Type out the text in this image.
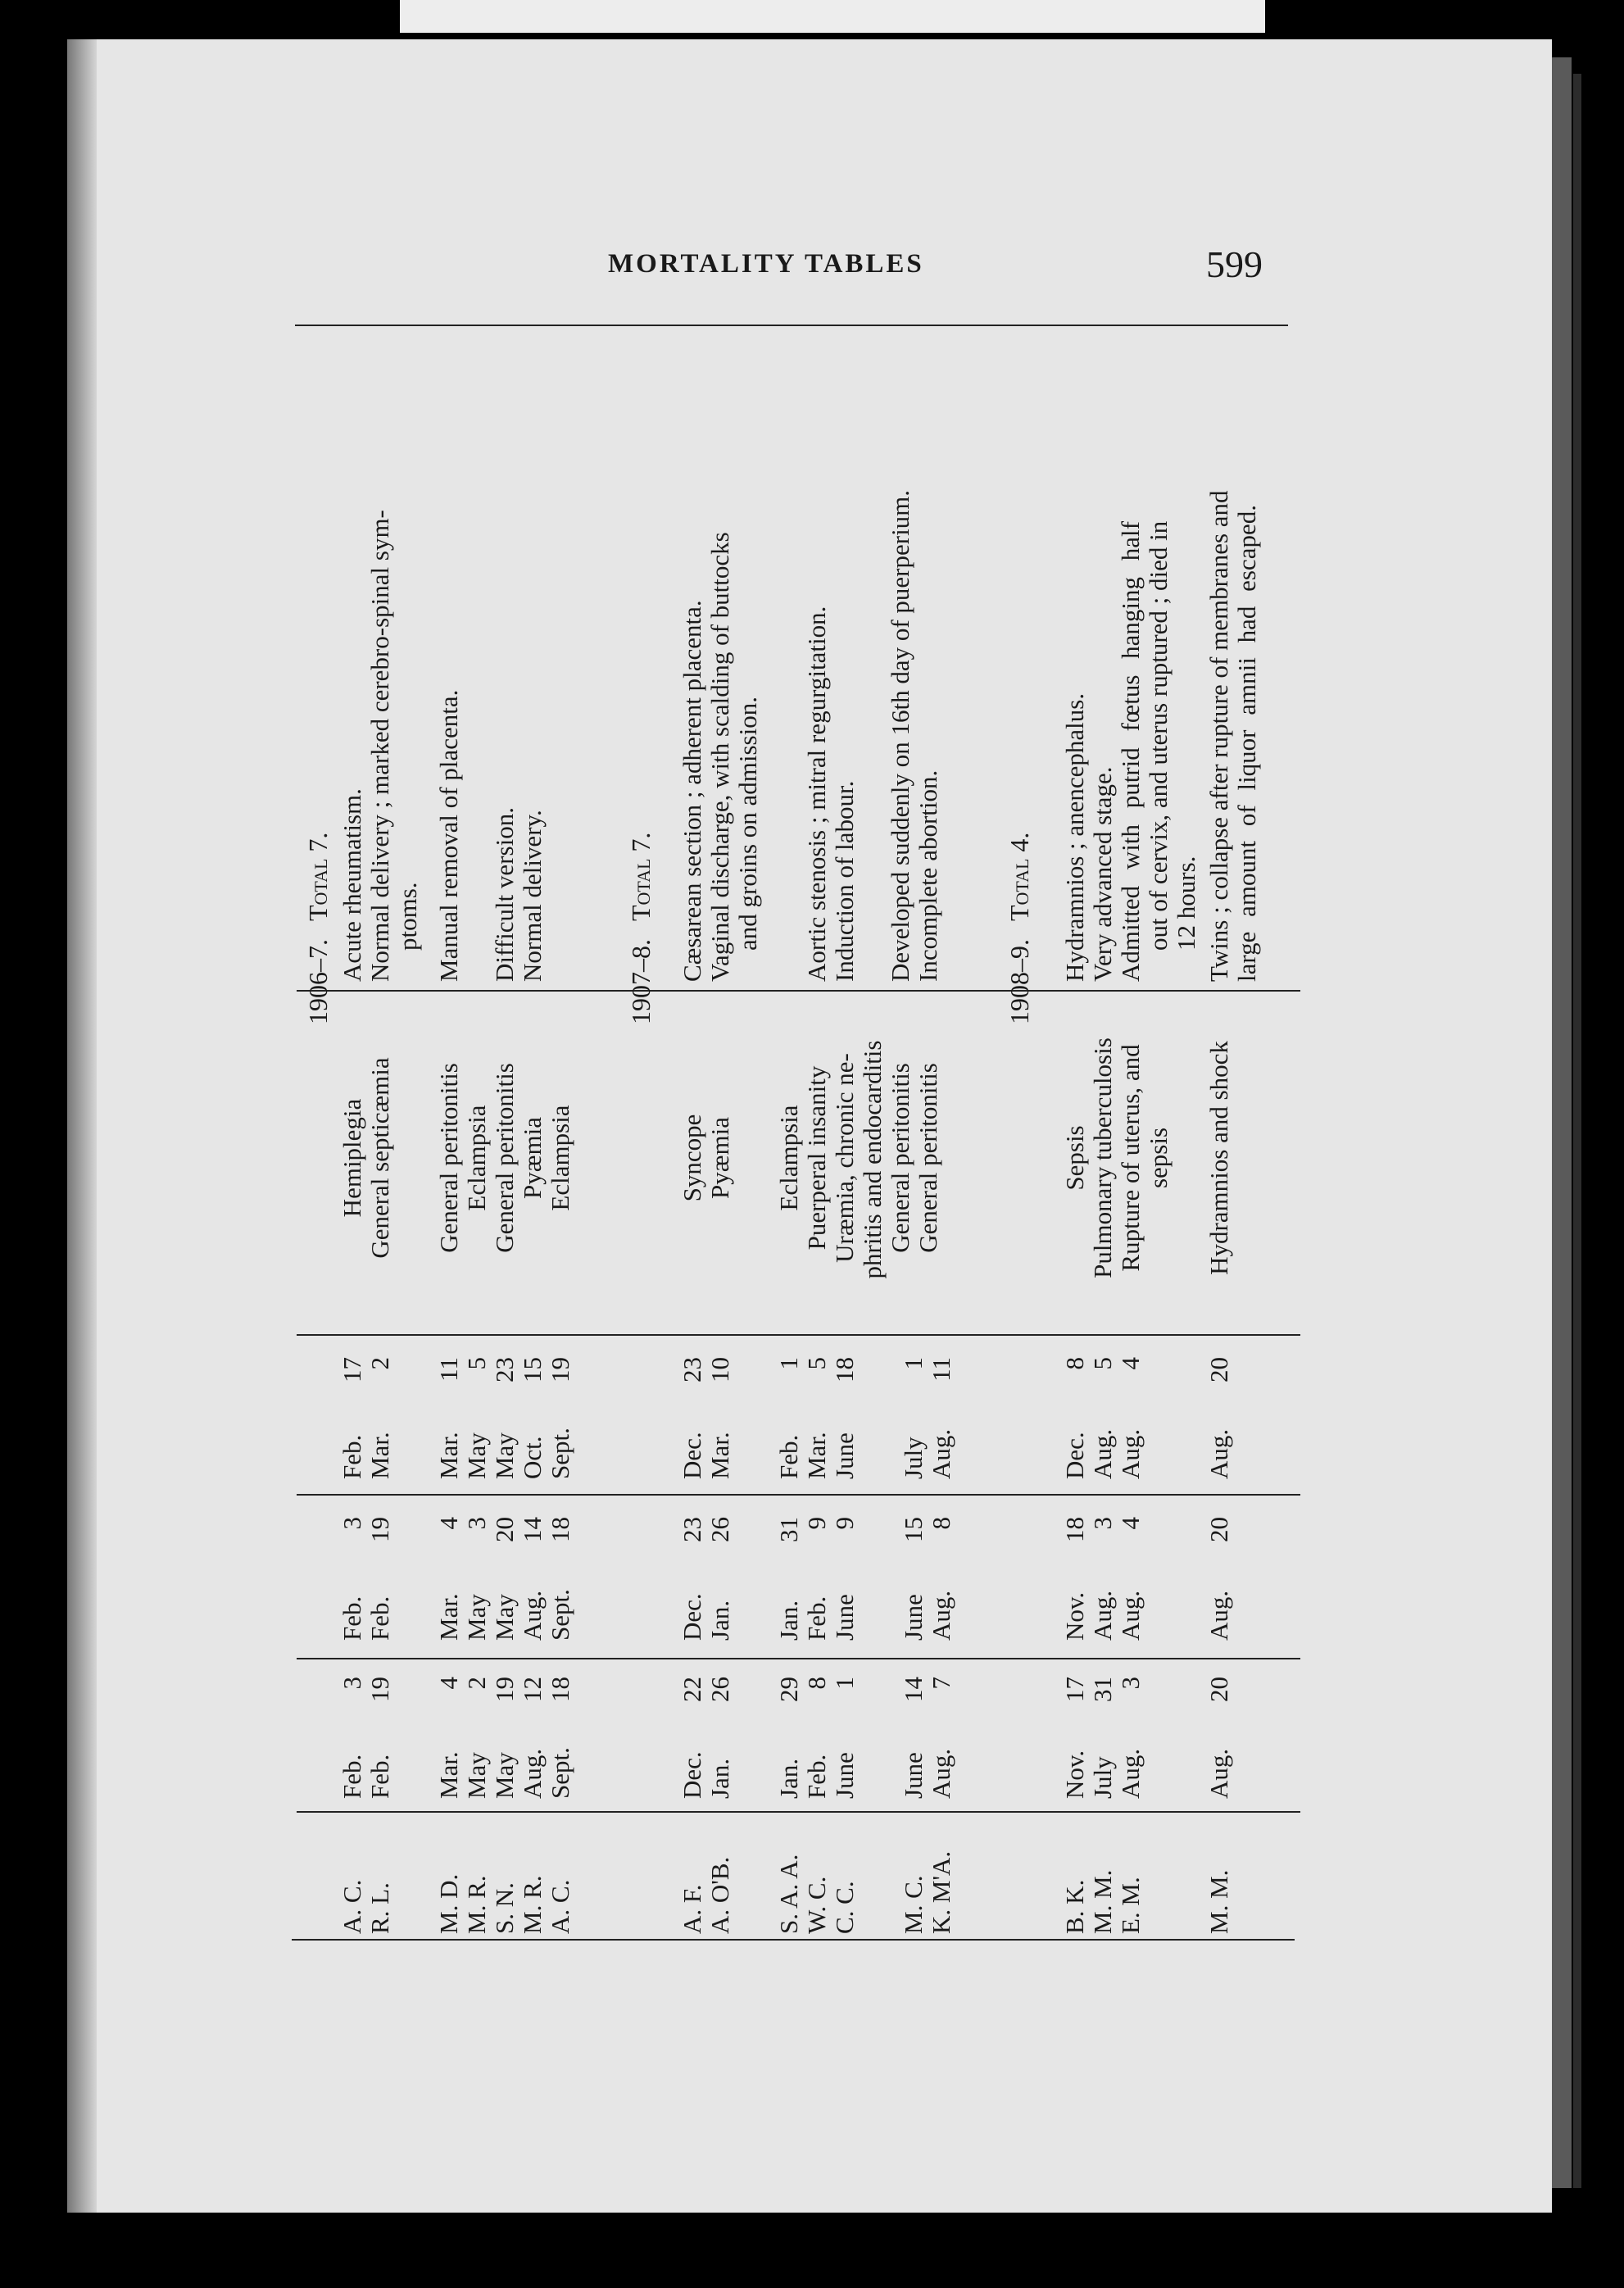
MORTALITY TABLES	599
1906–7. Total 7.
A. C.
Feb.
3
Feb.
3
Feb.
17
Hemiplegia
Acute rheumatism.
R. L.
Feb.
19
Feb.
19
Mar.
2
General septicæmia
Normal delivery ; marked cerebro-spinal sym- ptoms.
M. D.
Mar.
4
Mar.
4
Mar.
11
General peritonitis
Manual removal of placenta.
M. R.
May
2
May
3
May
5
Eclampsia
S. N.
May
19
May
20
May
23
General peritonitis
Difficult version.
M. R.
Aug.
12
Aug.
14
Oct.
15
Pyæmia
Normal delivery.
A. C.
Sept.
18
Sept.
18
Sept.
19
Eclampsia
1907–8. Total 7.
A. F.
Dec.
22
Dec.
23
Dec.
23
Syncope
Cæsarean section ; adherent placenta.
A. O'B.
Jan.
26
Jan.
26
Mar.
10
Pyæmia
Vaginal discharge, with scalding of buttocks and groins on admission.
S. A. A.
Jan.
29
Jan.
31
Feb.
1
Eclampsia
W. C.
Feb.
8
Feb.
9
Mar.
5
Puerperal insanity
Aortic stenosis ; mitral regurgitation.
C. C.
June
1
June
9
June
18
Uræmia, chronic ne- phritis and endocarditis
Induction of labour.
M. C.
June
14
June
15
July
1
General peritonitis
Developed suddenly on 16th day of puerperium.
K. M'A.
Aug.
7
Aug.
8
Aug.
11
General peritonitis
Incomplete abortion. 1908–9. Total 4.
B. K.
Nov.
17
Nov.
18
Dec.
8
Sepsis
Hydramnios ; anencephalus.
M. M.
July
31
Aug.
3
Aug.
5
Pulmonary tuberculosis
Very advanced stage.
E. M.
Aug.
3
Aug.
4
Aug.
4
Rupture of uterus, and sepsis
Admitted with putrid fœtus hanging half out of cervix, and uterus ruptured ; died in 12 hours.
M. M.
Aug.
20
Aug.
20
Aug.
20
Hydramnios and shock
Twins ; collapse after rupture of membranes and large amount of liquor amnii had escaped.
